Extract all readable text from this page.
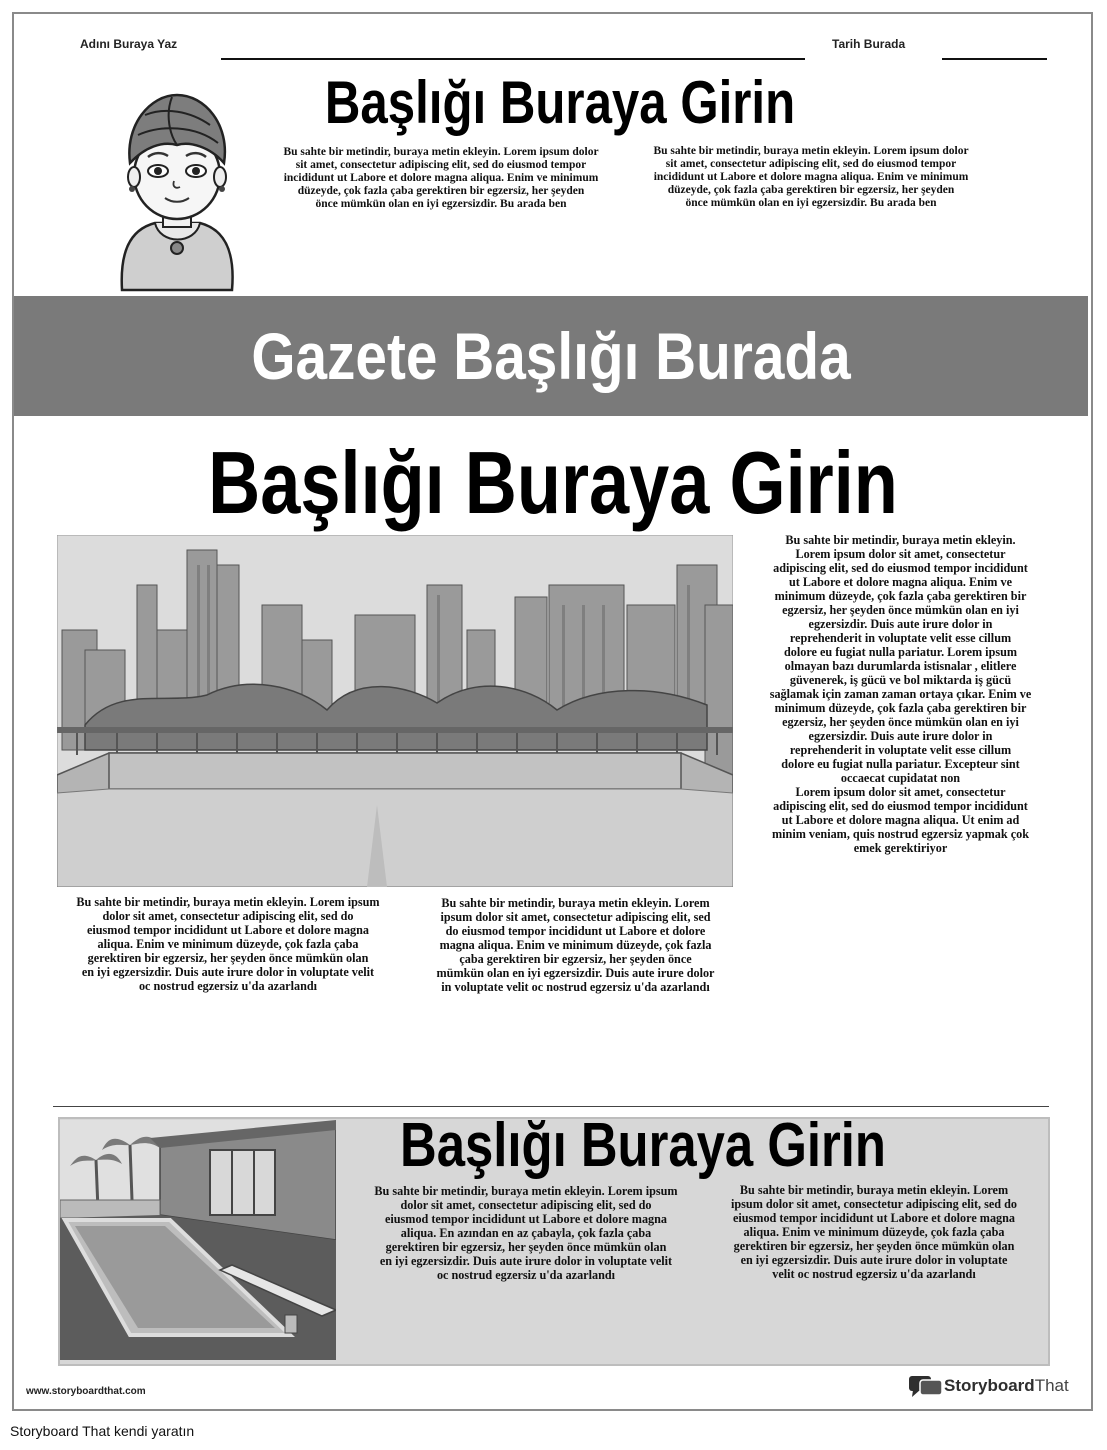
Adını Buraya Yaz	Tarih Burada
Başlığı Buraya Girin
Bu sahte bir metindir, buraya metin ekleyin. Lorem ipsum dolor
sit amet, consectetur adipiscing elit, sed do eiusmod tempor
incididunt ut Labore et dolore magna aliqua. Enim ve minimum
düzeyde, çok fazla çaba gerektiren bir egzersiz, her şeyden
önce mümkün olan en iyi egzersizdir. Bu arada ben
Bu sahte bir metindir, buraya metin ekleyin. Lorem ipsum dolor
sit amet, consectetur adipiscing elit, sed do eiusmod tempor
incididunt ut Labore et dolore magna aliqua. Enim ve minimum
düzeyde, çok fazla çaba gerektiren bir egzersiz, her şeyden
önce mümkün olan en iyi egzersizdir. Bu arada ben
Gazete Başlığı Burada
Başlığı Buraya Girin
Bu sahte bir metindir, buraya metin ekleyin.
Lorem ipsum dolor sit amet, consectetur
adipiscing elit, sed do eiusmod tempor incididunt
ut Labore et dolore magna aliqua. Enim ve
minimum düzeyde, çok fazla çaba gerektiren bir
egzersiz, her şeyden önce mümkün olan en iyi
egzersizdir. Duis aute irure dolor in
reprehenderit in voluptate velit esse cillum
dolore eu fugiat nulla pariatur. Lorem ipsum
olmayan bazı durumlarda istisnalar , elitlere
güvenerek, iş gücü ve bol miktarda iş gücü
sağlamak için zaman zaman ortaya çıkar. Enim ve
minimum düzeyde, çok fazla çaba gerektiren bir
egzersiz, her şeyden önce mümkün olan en iyi
egzersizdir. Duis aute irure dolor in
reprehenderit in voluptate velit esse cillum
dolore eu fugiat nulla pariatur. Excepteur sint
occaecat cupidatat non
Lorem ipsum dolor sit amet, consectetur
adipiscing elit, sed do eiusmod tempor incididunt
ut Labore et dolore magna aliqua. Ut enim ad
minim veniam, quis nostrud egzersiz yapmak çok
emek gerektiriyor
Bu sahte bir metindir, buraya metin ekleyin. Lorem ipsum
dolor sit amet, consectetur adipiscing elit, sed do
eiusmod tempor incididunt ut Labore et dolore magna
aliqua. Enim ve minimum düzeyde, çok fazla çaba
gerektiren bir egzersiz, her şeyden önce mümkün olan
en iyi egzersizdir. Duis aute irure dolor in voluptate velit
oc nostrud egzersiz u'da azarlandı
Bu sahte bir metindir, buraya metin ekleyin. Lorem
ipsum dolor sit amet, consectetur adipiscing elit, sed
do eiusmod tempor incididunt ut Labore et dolore
magna aliqua. Enim ve minimum düzeyde, çok fazla
çaba gerektiren bir egzersiz, her şeyden önce
mümkün olan en iyi egzersizdir. Duis aute irure dolor
in voluptate velit oc nostrud egzersiz u'da azarlandı
Başlığı Buraya Girin
Bu sahte bir metindir, buraya metin ekleyin. Lorem ipsum
dolor sit amet, consectetur adipiscing elit, sed do
eiusmod tempor incididunt ut Labore et dolore magna
aliqua. En azından en az çabayla, çok fazla çaba
gerektiren bir egzersiz, her şeyden önce mümkün olan
en iyi egzersizdir. Duis aute irure dolor in voluptate velit
oc nostrud egzersiz u'da azarlandı
Bu sahte bir metindir, buraya metin ekleyin. Lorem
ipsum dolor sit amet, consectetur adipiscing elit, sed do
eiusmod tempor incididunt ut Labore et dolore magna
aliqua. Enim ve minimum düzeyde, çok fazla çaba
gerektiren bir egzersiz, her şeyden önce mümkün olan
en iyi egzersizdir. Duis aute irure dolor in voluptate
velit oc nostrud egzersiz u'da azarlandı
www.storyboardthat.com	Storyboard That
Storyboard That kendi yaratın
